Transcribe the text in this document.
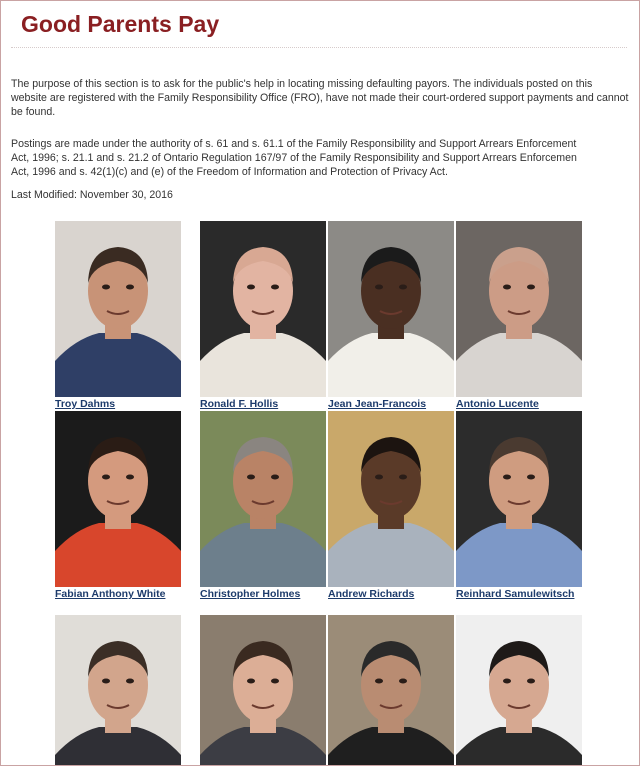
Good Parents Pay

The purpose of this section is to ask for the public's help in locating missing defaulting payors. The individuals posted on this website are registered with the Family Responsibility Office (FRO), have not made their court-ordered support payments and cannot be found.

Postings are made under the authority of s. 61 and s. 61.1 of the Family Responsibility and Support Arrears Enforcement
Act, 1996; s. 21.1 and s. 21.2 of Ontario Regulation 167/97 of the Family Responsibility and Support Arrears Enforcemen
Act, 1996 and s. 42(1)(c) and (e) of the Freedom of Information and Protection of Privacy Act.

Last Modified: November 30, 2016

Troy Dahms	Ronald F. Hollis	Jean Jean-Francois	Antonio Lucente
Fabian Anthony White	Christopher Holmes	Andrew Richards	Reinhard Samulewitsch
